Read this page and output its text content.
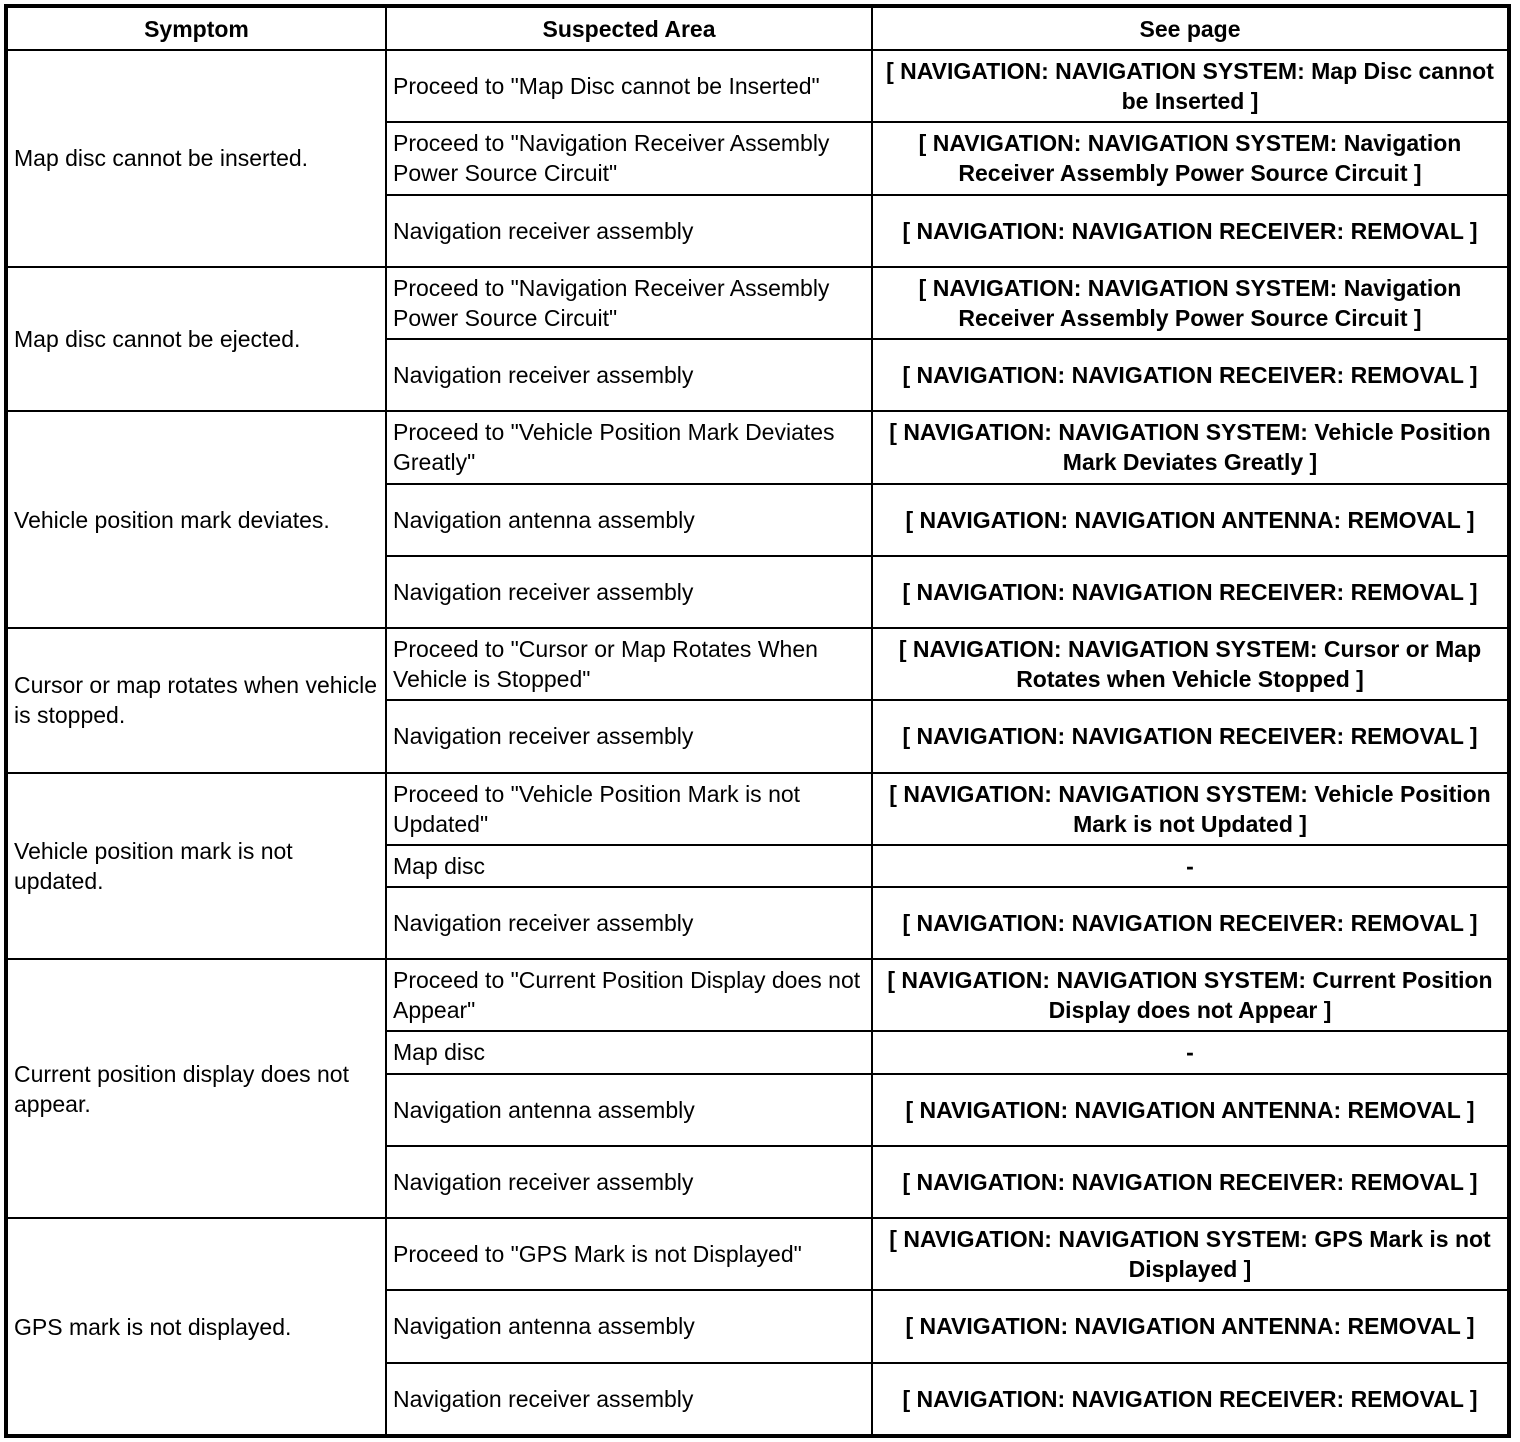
Symptom	Suspected Area	See page
Map disc cannot be inserted.	Proceed to "Map Disc cannot be Inserted"	[ NAVIGATION: NAVIGATION SYSTEM: Map Disc cannot be Inserted ]
	Proceed to "Navigation Receiver Assembly Power Source Circuit"	[ NAVIGATION: NAVIGATION SYSTEM: Navigation Receiver Assembly Power Source Circuit ]
	Navigation receiver assembly	[ NAVIGATION: NAVIGATION RECEIVER: REMOVAL ]
Map disc cannot be ejected.	Proceed to "Navigation Receiver Assembly Power Source Circuit"	[ NAVIGATION: NAVIGATION SYSTEM: Navigation Receiver Assembly Power Source Circuit ]
	Navigation receiver assembly	[ NAVIGATION: NAVIGATION RECEIVER: REMOVAL ]
Vehicle position mark deviates.	Proceed to "Vehicle Position Mark Deviates Greatly"	[ NAVIGATION: NAVIGATION SYSTEM: Vehicle Position Mark Deviates Greatly ]
	Navigation antenna assembly	[ NAVIGATION: NAVIGATION ANTENNA: REMOVAL ]
	Navigation receiver assembly	[ NAVIGATION: NAVIGATION RECEIVER: REMOVAL ]
Cursor or map rotates when vehicle is stopped.	Proceed to "Cursor or Map Rotates When Vehicle is Stopped"	[ NAVIGATION: NAVIGATION SYSTEM: Cursor or Map Rotates when Vehicle Stopped ]
	Navigation receiver assembly	[ NAVIGATION: NAVIGATION RECEIVER: REMOVAL ]
Vehicle position mark is not updated.	Proceed to "Vehicle Position Mark is not Updated"	[ NAVIGATION: NAVIGATION SYSTEM: Vehicle Position Mark is not Updated ]
	Map disc	-
	Navigation receiver assembly	[ NAVIGATION: NAVIGATION RECEIVER: REMOVAL ]
Current position display does not appear.	Proceed to "Current Position Display does not Appear"	[ NAVIGATION: NAVIGATION SYSTEM: Current Position Display does not Appear ]
	Map disc	-
	Navigation antenna assembly	[ NAVIGATION: NAVIGATION ANTENNA: REMOVAL ]
	Navigation receiver assembly	[ NAVIGATION: NAVIGATION RECEIVER: REMOVAL ]
GPS mark is not displayed.	Proceed to "GPS Mark is not Displayed"	[ NAVIGATION: NAVIGATION SYSTEM: GPS Mark is not Displayed ]
	Navigation antenna assembly	[ NAVIGATION: NAVIGATION ANTENNA: REMOVAL ]
	Navigation receiver assembly	[ NAVIGATION: NAVIGATION RECEIVER: REMOVAL ]
